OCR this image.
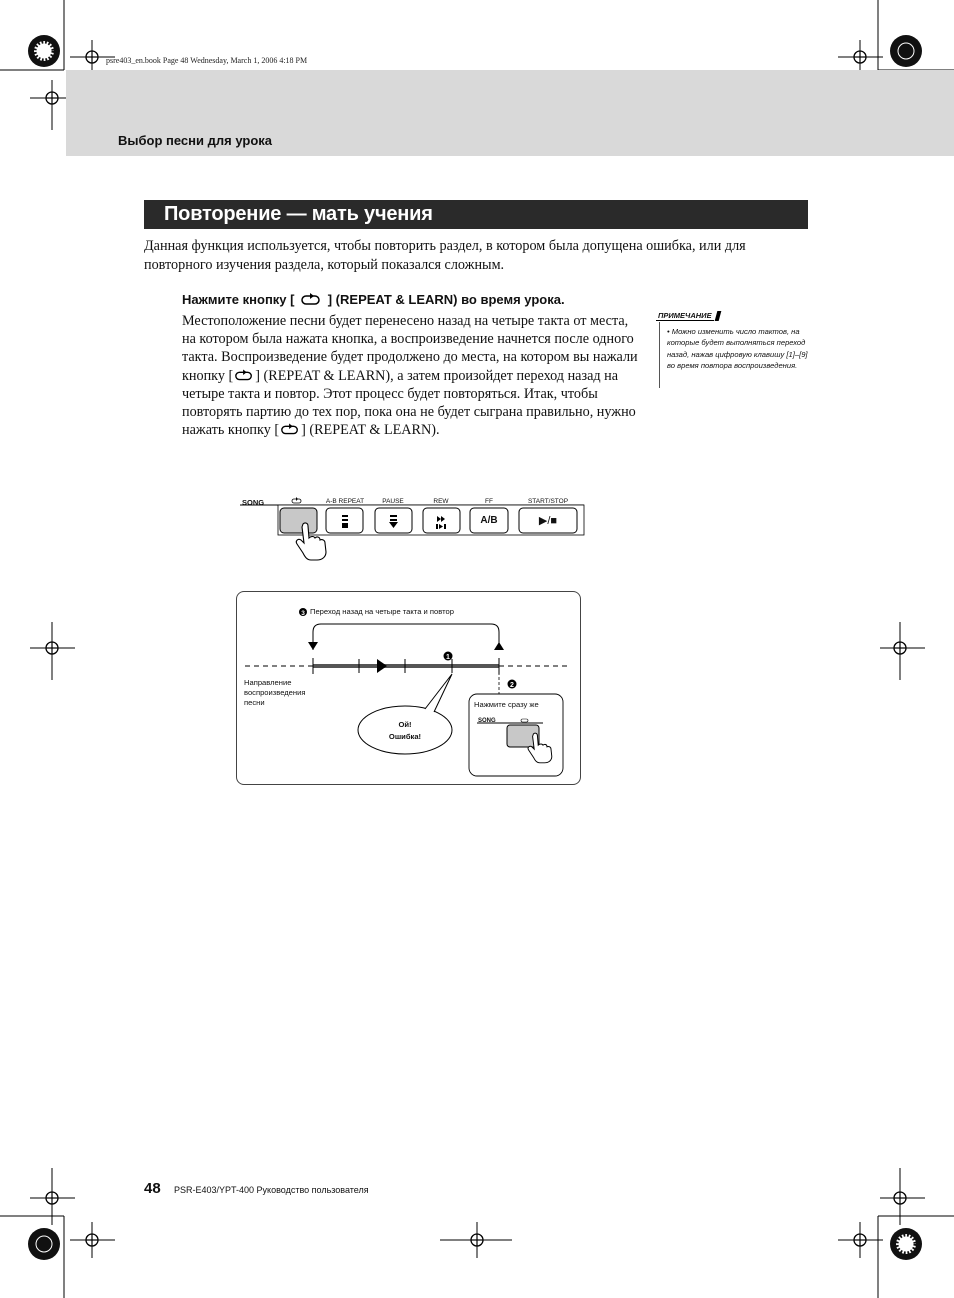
psre403_en.book Page 48 Wednesday, March 1, 2006 4:18 PM
Выбор песни для урока
Повторение — мать учения
Данная функция используется, чтобы повторить раздел, в котором была допущена ошибка, или для повторного изучения раздела, который показался сложным.
Нажмите кнопку [	] (REPEAT & LEARN) во время урока.
Местоположение песни будет перенесено назад на четыре такта от места, на котором была нажата кнопка, а воспроизведение начнется после одного такта. Воспроизведение будет продолжено до места, на котором вы нажали кнопку [ ] (REPEAT & LEARN), а затем произойдет переход назад на четыре такта и повтор. Этот процесс будет повторяться. Итак, чтобы повторять партию до тех пор, пока она не будет сыграна правильно, нужно нажать кнопку [ ] (REPEAT & LEARN).
ПРИМЕЧАНИЕ
• Можно изменить число тактов, на которые будет выполняться переход назад, нажав цифровую клавишу [1]–[9] во время повтора воспроизведения.
SONG	A-B REPEAT	PAUSE	REW	FF	START/STOP
A/B	▶/■
1
2
3 Переход назад на четыре такта и повтор
Направление
воспроизведения
песни
Ой!
Ошибка!
Нажмите сразу же
SONG
48 PSR-E403/YPT-400 Руководство пользователя
